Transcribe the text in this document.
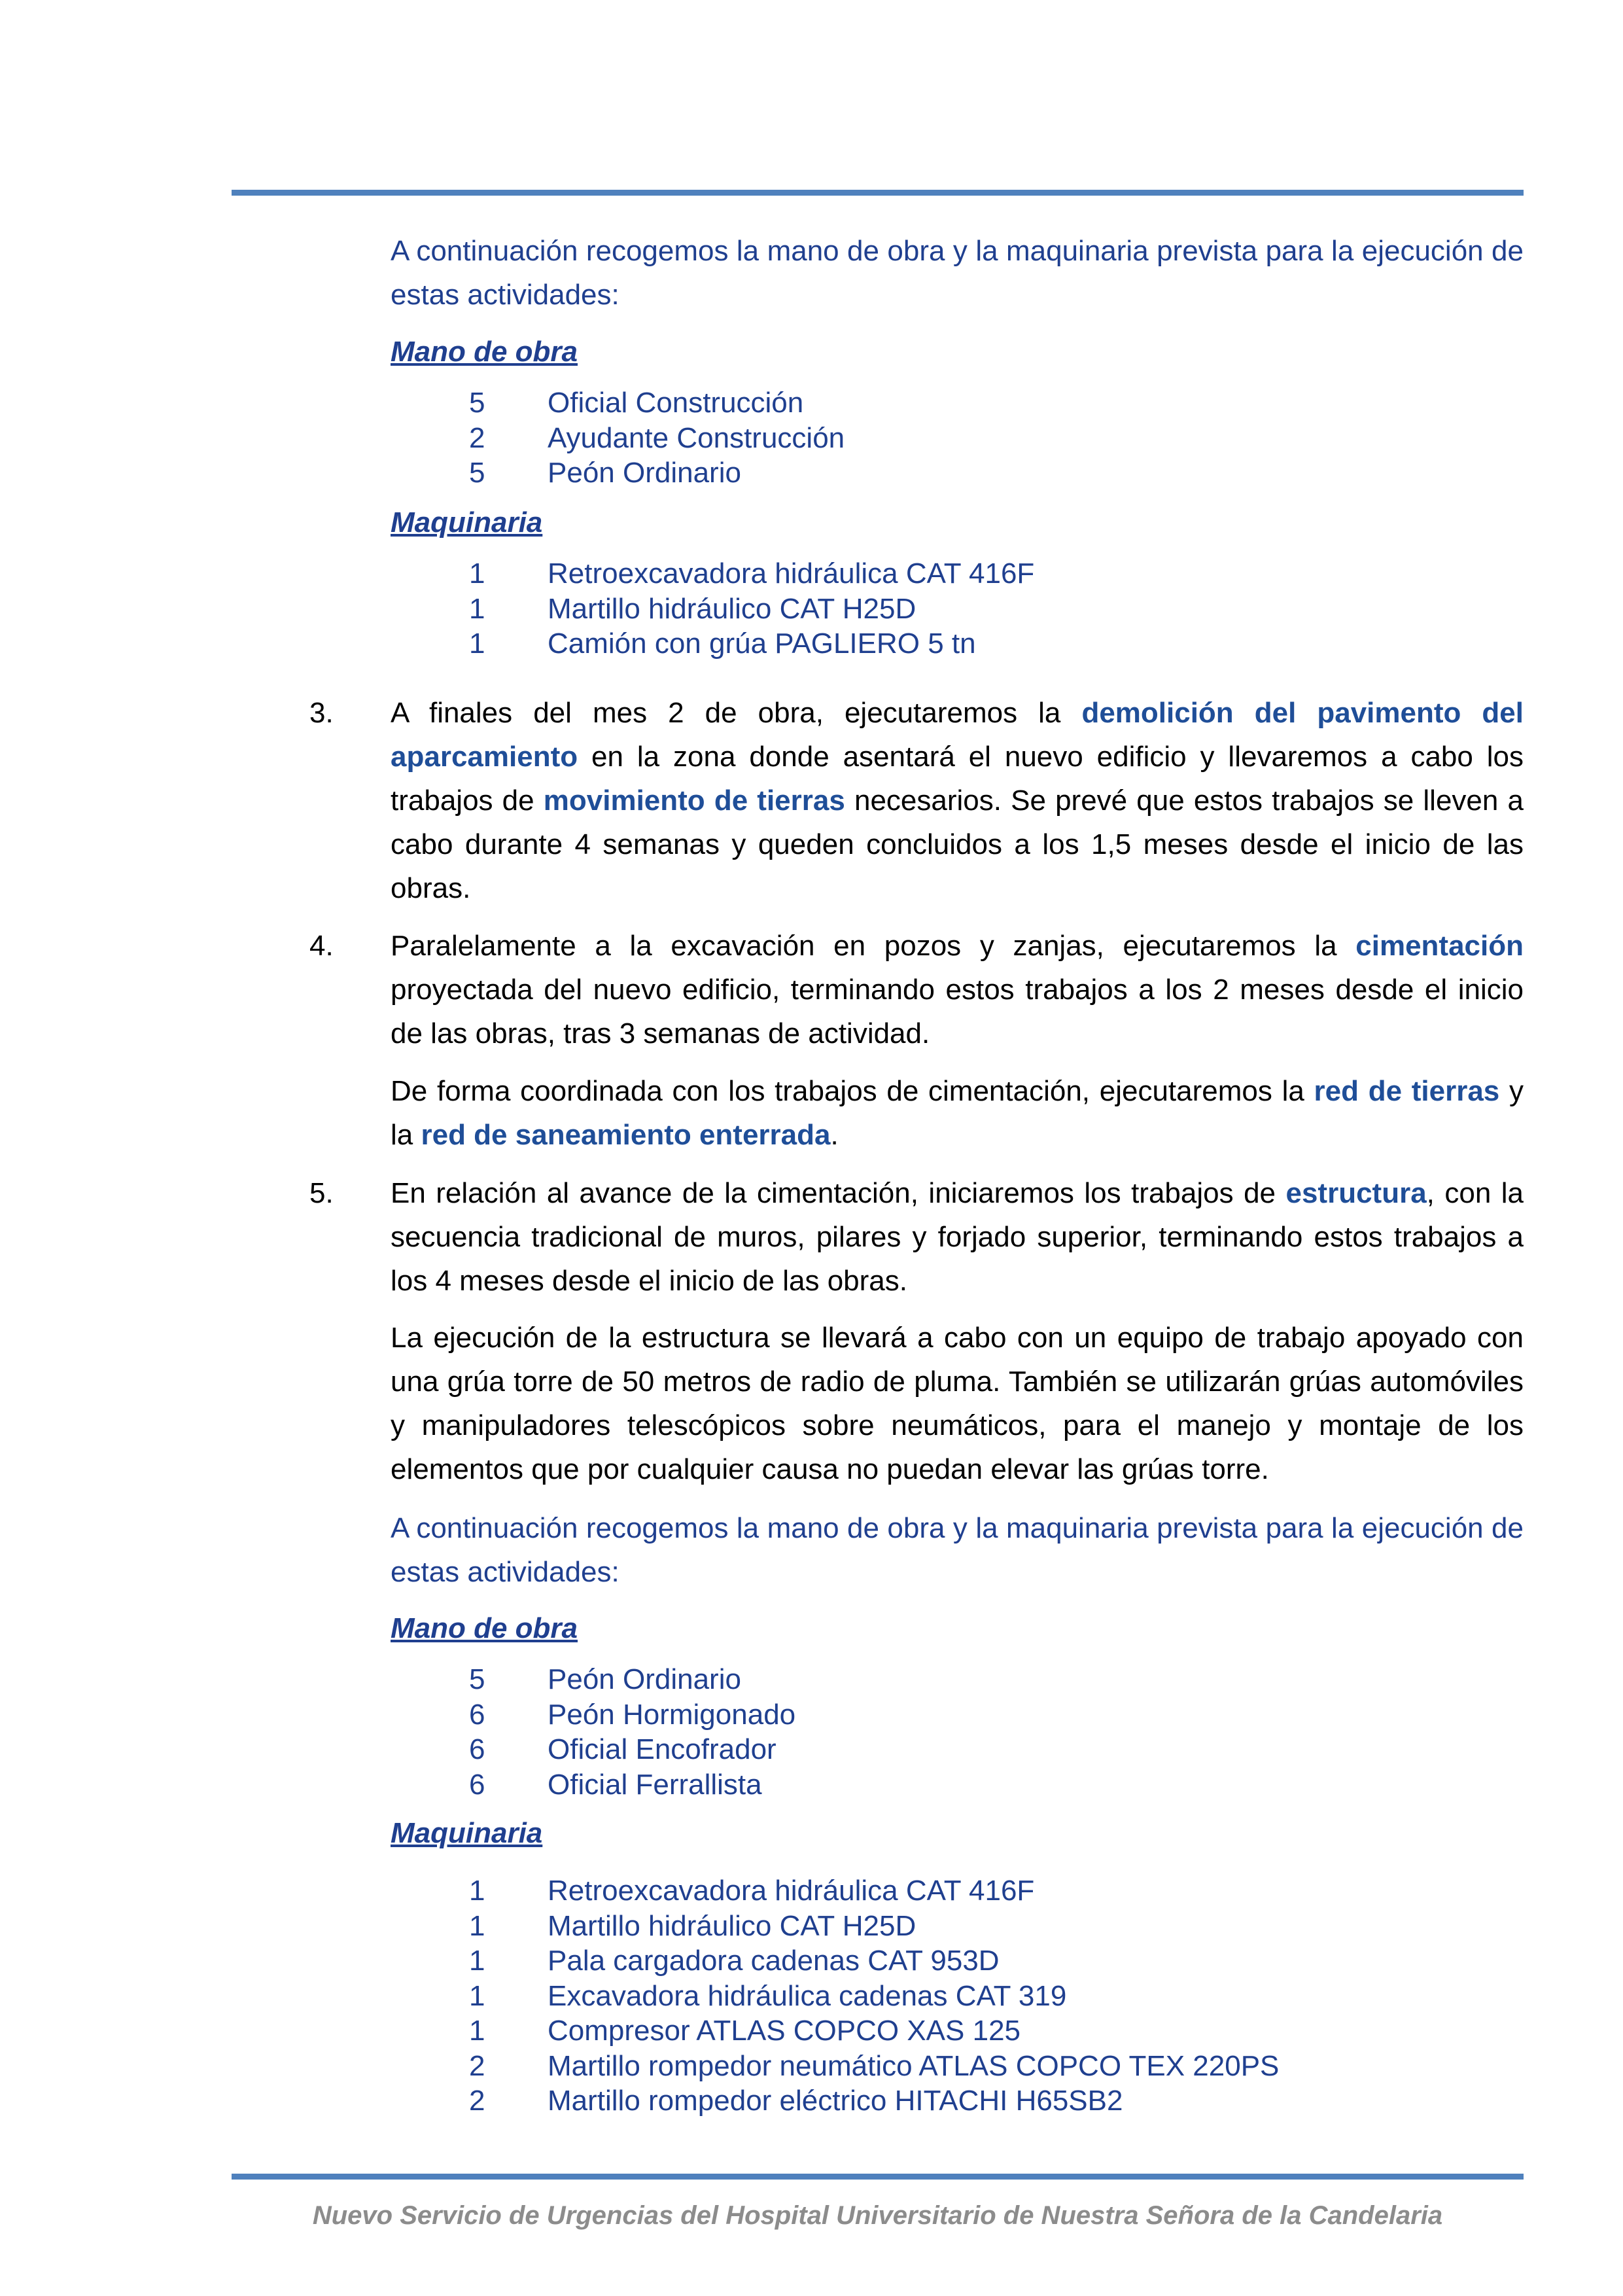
A continuación recogemos la mano de obra y la maquinaria prevista para la ejecución de estas actividades:

Mano de obra

5 Oficial Construcción
2 Ayudante Construcción
5 Peón Ordinario

Maquinaria

1 Retroexcavadora hidráulica CAT 416F
1 Martillo hidráulico CAT H25D
1 Camión con grúa PAGLIERO 5 tn

3. A finales del mes 2 de obra, ejecutaremos la demolición del pavimento del aparcamiento en la zona donde asentará el nuevo edificio y llevaremos a cabo los trabajos de movimiento de tierras necesarios. Se prevé que estos trabajos se lleven a cabo durante 4 semanas y queden concluidos a los 1,5 meses desde el inicio de las obras.

4. Paralelamente a la excavación en pozos y zanjas, ejecutaremos la cimentación proyectada del nuevo edificio, terminando estos trabajos a los 2 meses desde el inicio de las obras, tras 3 semanas de actividad.

De forma coordinada con los trabajos de cimentación, ejecutaremos la red de tierras y la red de saneamiento enterrada.

5. En relación al avance de la cimentación, iniciaremos los trabajos de estructura, con la secuencia tradicional de muros, pilares y forjado superior, terminando estos trabajos a los 4 meses desde el inicio de las obras.

La ejecución de la estructura se llevará a cabo con un equipo de trabajo apoyado con una grúa torre de 50 metros de radio de pluma. También se utilizarán grúas automóviles y manipuladores telescópicos sobre neumáticos, para el manejo y montaje de los elementos que por cualquier causa no puedan elevar las grúas torre.

A continuación recogemos la mano de obra y la maquinaria prevista para la ejecución de estas actividades:

Mano de obra

5 Peón Ordinario
6 Peón Hormigonado
6 Oficial Encofrador
6 Oficial Ferrallista

Maquinaria

1 Retroexcavadora hidráulica CAT 416F
1 Martillo hidráulico CAT H25D
1 Pala cargadora cadenas CAT 953D
1 Excavadora hidráulica cadenas CAT 319
1 Compresor ATLAS COPCO XAS 125
2 Martillo rompedor neumático ATLAS COPCO TEX 220PS
2 Martillo rompedor eléctrico HITACHI H65SB2
Nuevo Servicio de Urgencias del Hospital Universitario de Nuestra Señora de la Candelaria
